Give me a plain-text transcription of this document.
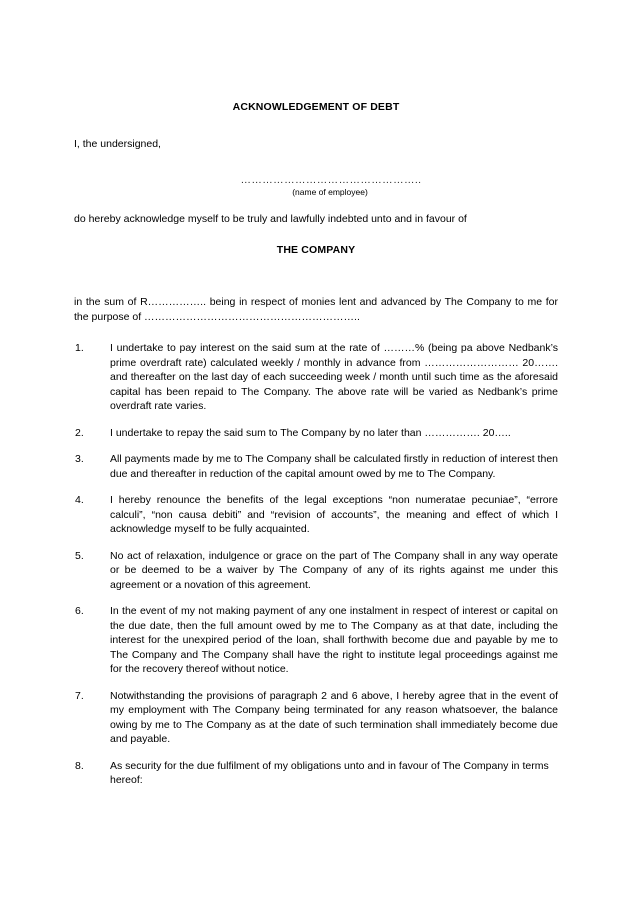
ACKNOWLEDGEMENT OF DEBT
I, the undersigned,
…………………………………………..
(name of employee)
do hereby acknowledge myself to be truly and lawfully indebted unto and in favour of
THE COMPANY
in the sum of R…………….. being in respect of monies lent and advanced by The Company to me for the purpose of ……………………………………………………..
1. I undertake to pay interest on the said sum at the rate of ………% (being pa above Nedbank’s prime overdraft rate) calculated weekly / monthly in advance from ……………………… 20……. and thereafter on the last day of each succeeding week / month until such time as the aforesaid capital has been repaid to The Company. The above rate will be varied as Nedbank’s prime overdraft rate varies.
2. I undertake to repay the said sum to The Company by no later than ……………. 20…..
3. All payments made by me to The Company shall be calculated firstly in reduction of interest then due and thereafter in reduction of the capital amount owed by me to The Company.
4. I hereby renounce the benefits of the legal exceptions “non numeratae pecuniae”, “errore calculi”, “non causa debiti” and “revision of accounts”, the meaning and effect of which I acknowledge myself to be fully acquainted.
5. No act of relaxation, indulgence or grace on the part of The Company shall in any way operate or be deemed to be a waiver by The Company of any of its rights against me under this agreement or a novation of this agreement.
6. In the event of my not making payment of any one instalment in respect of interest or capital on the due date, then the full amount owed by me to The Company as at that date, including the interest for the unexpired period of the loan, shall forthwith become due and payable by me to The Company and The Company shall have the right to institute legal proceedings against me for the recovery thereof without notice.
7. Notwithstanding the provisions of paragraph 2 and 6 above, I hereby agree that in the event of my employment with The Company being terminated for any reason whatsoever, the balance owing by me to The Company as at the date of such termination shall immediately become due and payable.
8. As security for the due fulfilment of my obligations unto and in favour of The Company in terms hereof:
